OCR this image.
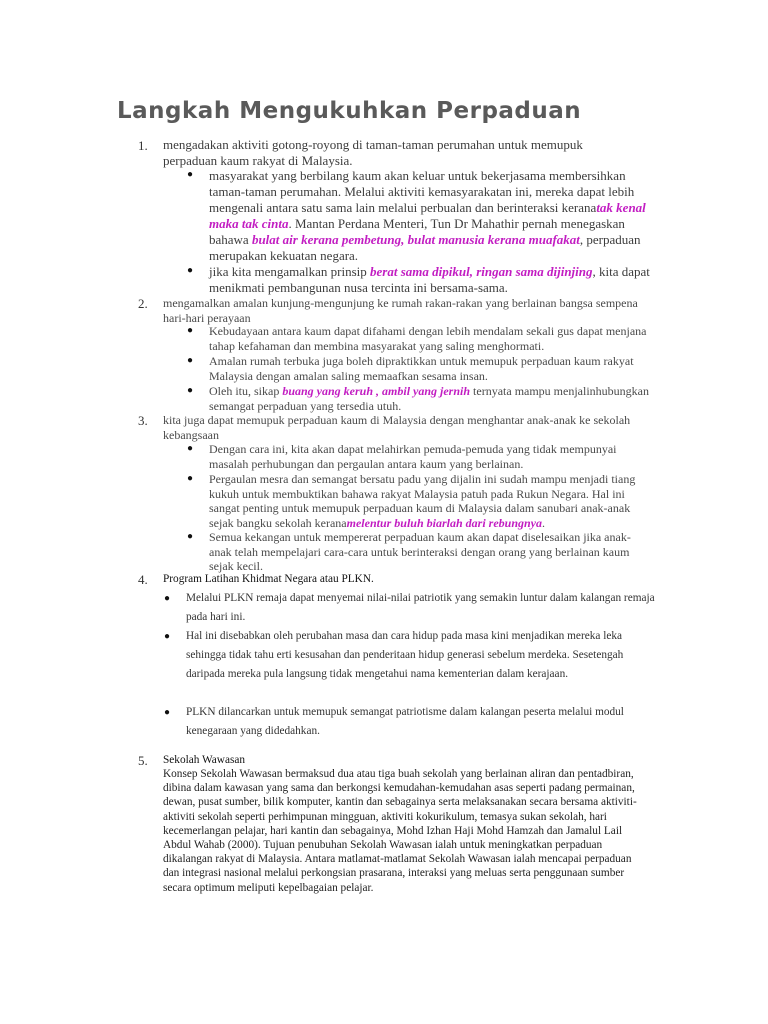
Langkah Mengukuhkan Perpaduan
1. mengadakan aktiviti gotong-royong di taman-taman perumahan untuk memupuk perpaduan kaum rakyat di Malaysia.

● masyarakat yang berbilang kaum akan keluar untuk bekerjasama membersihkan taman-taman perumahan. Melalui aktiviti kemasyarakatan ini, mereka dapat lebih mengenali antara satu sama lain melalui perbualan dan berinteraksi keranatak kenal maka tak cinta. Mantan Perdana Menteri, Tun Dr Mahathir pernah menegaskan bahawa bulat air kerana pembetung, bulat manusia kerana muafakat, perpaduan merupakan kekuatan negara.

● jika kita mengamalkan prinsip berat sama dipikul, ringan sama dijinjing, kita dapat menikmati pembangunan nusa tercinta ini bersama-sama.

2. mengamalkan amalan kunjung-mengunjung ke rumah rakan-rakan yang berlainan bangsa sempena hari-hari perayaan

● Kebudayaan antara kaum dapat difahami dengan lebih mendalam sekali gus dapat menjana tahap kefahaman dan membina masyarakat yang saling menghormati.

● Amalan rumah terbuka juga boleh dipraktikkan untuk memupuk perpaduan kaum rakyat Malaysia dengan amalan saling memaafkan sesama insan.

● Oleh itu, sikap buang yang keruh , ambil yang jernih ternyata mampu menjalinhubungkan semangat perpaduan yang tersedia utuh.

3. kita juga dapat memupuk perpaduan kaum di Malaysia dengan menghantar anak-anak ke sekolah kebangsaan

● Dengan cara ini, kita akan dapat melahirkan pemuda-pemuda yang tidak mempunyai masalah perhubungan dan pergaulan antara kaum yang berlainan.

● Pergaulan mesra dan semangat bersatu padu yang dijalin ini sudah mampu menjadi tiang kukuh untuk membuktikan bahawa rakyat Malaysia patuh pada Rukun Negara. Hal ini sangat penting untuk memupuk perpaduan kaum di Malaysia dalam sanubari anak-anak sejak bangku sekolah keranamelentur buluh biarlah dari rebungnya.

● Semua kekangan untuk mempererat perpaduan kaum akan dapat diselesaikan jika anak-anak telah mempelajari cara-cara untuk berinteraksi dengan orang yang berlainan kaum sejak kecil.

4. Program Latihan Khidmat Negara atau PLKN.

● Melalui PLKN remaja dapat menyemai nilai-nilai patriotik yang semakin luntur dalam kalangan remaja pada hari ini.

● Hal ini disebabkan oleh perubahan masa dan cara hidup pada masa kini menjadikan mereka leka sehingga tidak tahu erti kesusahan dan penderitaan hidup generasi sebelum merdeka. Sesetengah daripada mereka pula langsung tidak mengetahui nama kementerian dalam kerajaan.

● PLKN dilancarkan untuk memupuk semangat patriotisme dalam kalangan peserta melalui modul kenegaraan yang didedahkan.

5. Sekolah Wawasan

Konsep Sekolah Wawasan bermaksud dua atau tiga buah sekolah yang berlainan aliran dan pentadbiran, dibina dalam kawasan yang sama dan berkongsi kemudahan-kemudahan asas seperti padang permainan, dewan, pusat sumber, bilik komputer, kantin dan sebagainya serta melaksanakan secara bersama aktiviti-aktiviti sekolah seperti perhimpunan mingguan, aktiviti kokurikulum, temasya sukan sekolah, hari kecemerlangan pelajar, hari kantin dan sebagainya, Mohd Izhan Haji Mohd Hamzah dan Jamalul Lail Abdul Wahab (2000). Tujuan penubuhan Sekolah Wawasan ialah untuk meningkatkan perpaduan dikalangan rakyat di Malaysia. Antara matlamat-matlamat Sekolah Wawasan ialah mencapai perpaduan dan integrasi nasional melalui perkongsian prasarana, interaksi yang meluas serta penggunaan sumber secara optimum meliputi kepelbagaian pelajar.
